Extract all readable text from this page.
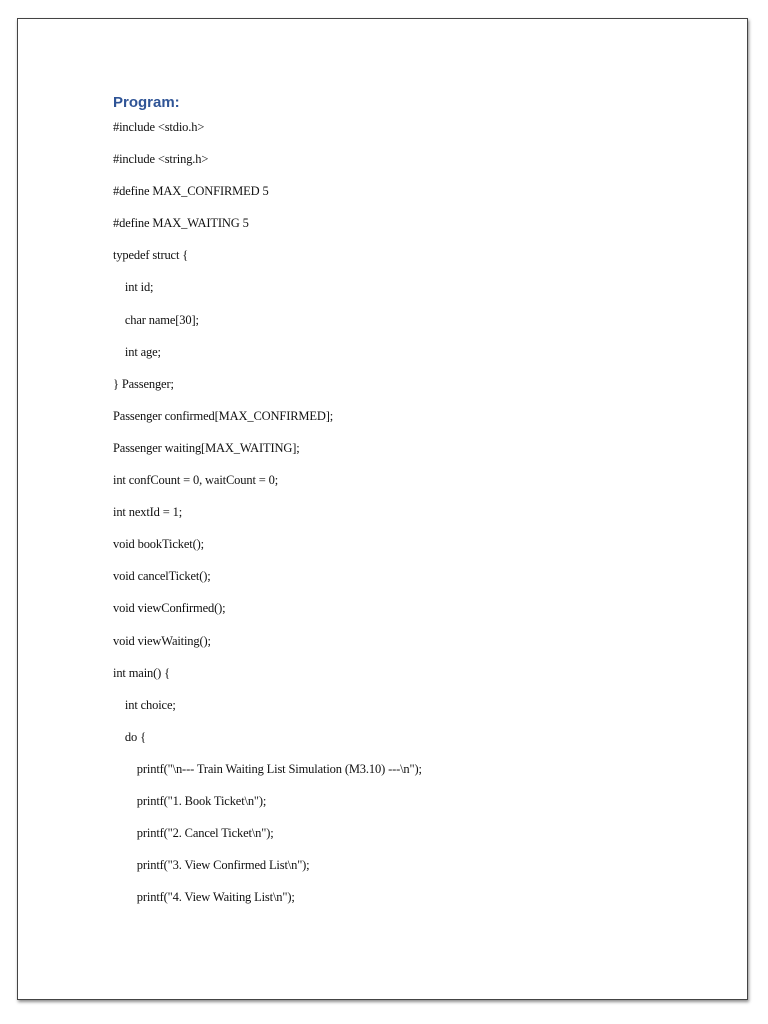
Program:
#include <stdio.h>
#include <string.h>
#define MAX_CONFIRMED 5
#define MAX_WAITING 5
typedef struct {
int id;
char name[30];
int age;
} Passenger;
Passenger confirmed[MAX_CONFIRMED];
Passenger waiting[MAX_WAITING];
int confCount = 0, waitCount = 0;
int nextId = 1;
void bookTicket();
void cancelTicket();
void viewConfirmed();
void viewWaiting();
int main() {
int choice;
do {
printf("\n--- Train Waiting List Simulation (M3.10) ---\n");
printf("1. Book Ticket\n");
printf("2. Cancel Ticket\n");
printf("3. View Confirmed List\n");
printf("4. View Waiting List\n");
